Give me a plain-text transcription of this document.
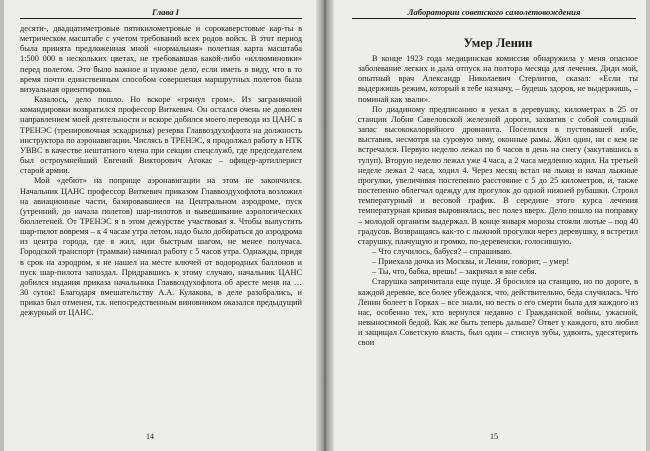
Глава I

десяти-, двадцатиметровые пятикилометровые и сорокаверстовые кар-ты в метрическом масштабе с учетом требований всех родов войск. В этот период была принята предложенная мной «нормальная» полетная карта масштаба 1:500 000 в нескольких цветах, не требовавшая какой-либо «иллюминовки» перед полетом. Это было важное и нужное дело, если иметь в виду, что в то время почти единственным способом совершения маршрутных полетов была визуальная ориентировка.

Казалось, дело пошло. Но вскоре «грянул гром». Из заграничной командировки возвратился профессор Виткевич. Он остался очень не доволен направлением моей деятельности и вскоре добился моего перевода из ЦАНС в ТРЕНЭС (тренировочная эскадрилья) резерва Главвоздухофлота на должность инструктора по аэронавигации. Числясь в ТРЕНЭС, я продолжал работу в НТК УВВС в качестве нештатного члена при секции спецслужб, где председателем был остроумнейший Евгений Викторович Агокас – офицер-артиллерист старой армии.

Мой «дебют» на поприще аэронавигации на этом не закончился. Начальник ЦАНС профессор Виткевич приказом Главвоздухофлота возложил на авиационные части, базировавшиеся на Центральном аэродроме, пуск (утренний, до начала полетов) шар-пилотов и вывешивание аэрологических бюллетеней. От ТРЕНЭС я в этом дежурстве участвовал я. Чтобы выпустить шар-пилот вовремя – к 4 часам утра летом, надо было добираться до аэродрома из центра города, где я жил, иди быстрым шагом, не менее получаса. Городской транспорт (трамваи) начинал работу с 5 часов утра. Однажды, придя в срок на аэродром, я не нашел на месте ключей от водородных баллонов и пуск шар-пилота запоздал. Придравшись к этому случаю, начальник ЦАНС добился издания приказа начальника Главвоздухофлота об аресте меня на … 30 суток! Благодаря вмешательству А.А. Кулакова, в деле разобрались, и приказ был отменен, т.к. непосредственным виновником оказался предыдущий дежурный от ЦАНС.

14
Лаборатории советского самолетовождения
Умер Ленин

В конце 1923 года медицинская комиссия обнаружила у меня опасное заболевание легких и дала отпуск на полтора месяца для лечения. Диди мой, опытный врач Александр Николаевич Стерлигов, сказал: «Если ты выдержишь режим, который я тебе назначу, – будешь здоров, не выдержишь, – поминай как звали».

По диадиному предписанию я уехал в деревушку, километрах в 25 от станции Лобня Савеловской железной дороги, захватив с собой солидный запас высококалорийного дровнинта. Поселился в пустовавшей избе, выставив, несмотря на суровую зиму, оконные рамы. Жил один, ни с кем не встречался. Первую неделю лежал по 6 часов в день на снегу (закутавшись в тулуп). Вторую неделю лежал уже 4 часа, а 2 часа медленно ходил. На третьей неделе лежал 2 часа, ходил 4. Через месяц встал на лыжи и начал лыжные прогулки, увеличивая постепенно расстояние с 5 до 25 километров, и, также постепенно облегчал одежду для прогулок до одной нижней рубашки. Строил температурный и весовой график. В середине этого курса лечения температурная кривая выровнялась, вес полез вверх. Дело пошло на поправку – молодой организм выдержал. В конце января морозы стояли лютые – под 40 градусов. Возвращаясь как-то с лыжной прогулки через деревушку, я встретил старушку, плачущую и громко, по-деревенски, голосившую.

– Что случилось, бабуся? – спрашиваю.

– Приехала дочка из Москвы, и Ленин, говорит, – умер!

– Ты, что, бабка, врешь! – закричал я вне себя.

Старушка запричитала еще пуще. Я бросился на станцию, но по дороге, в каждой деревне, все более убеждался, что, действительно, беда случилась. Что Ленин болеет в Горках – все знали, но весть о его смерти была для каждого из нас, особенно тех, кто вернулся недавно с Гражданской войны, ужасной, невыносимой бедой. Как же быть теперь дальше? Ответ у каждого, кто любил и защищал Советскую власть, был один – стиснув зубы, удвоить, удесятерить свои

15
